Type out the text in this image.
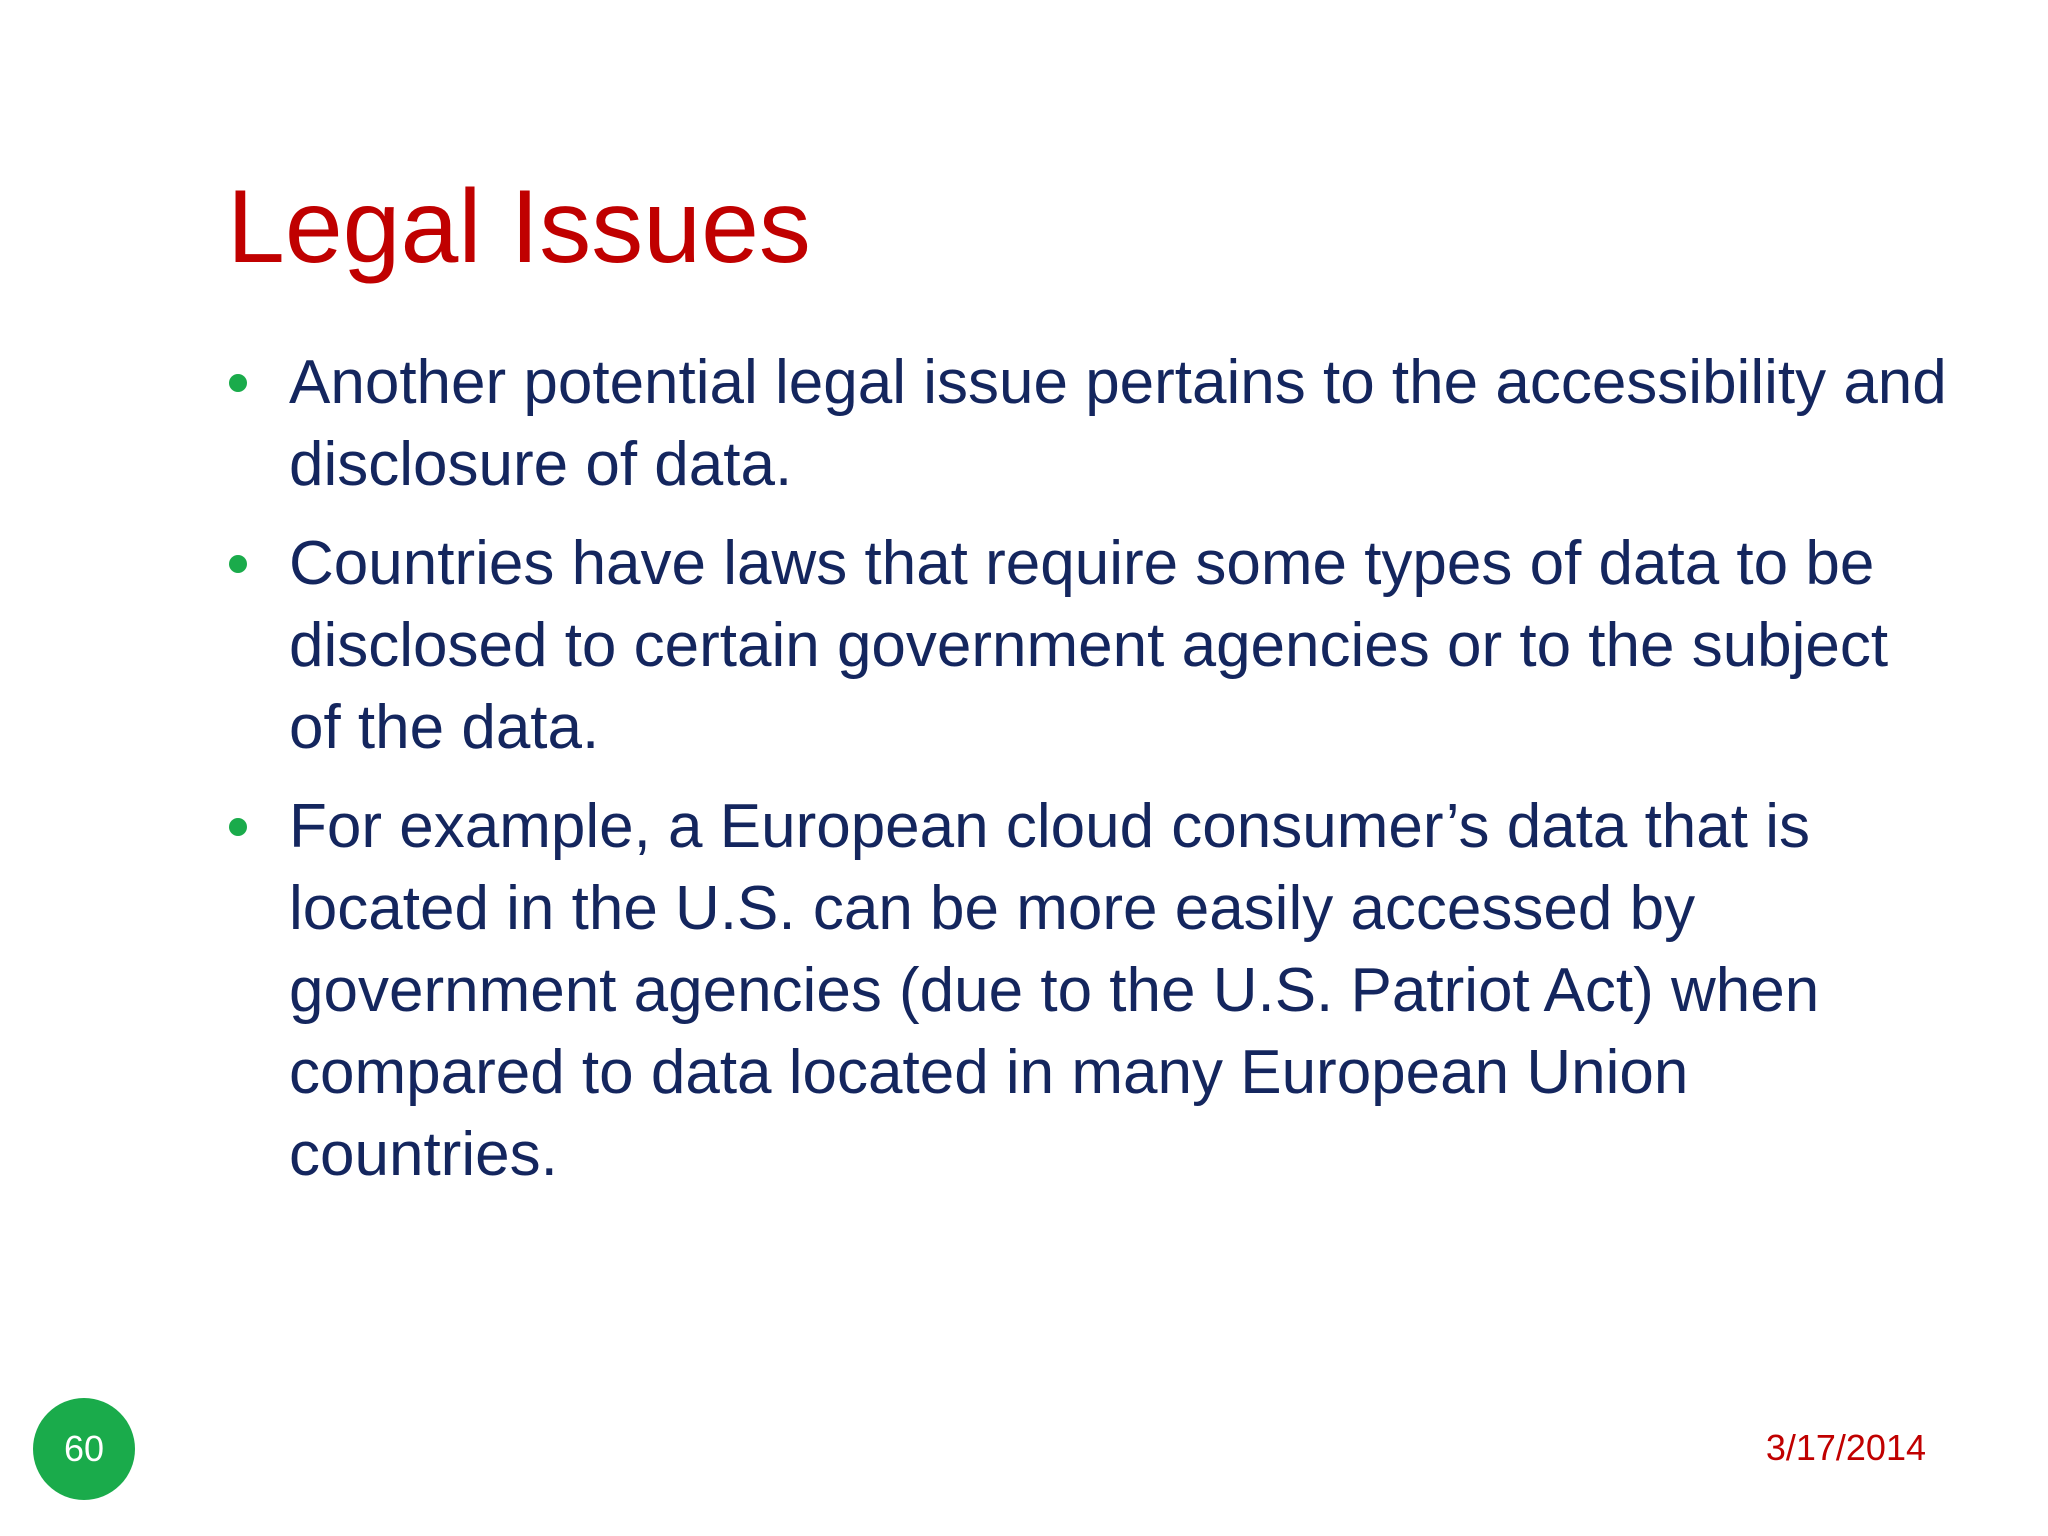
Legal Issues
Another potential legal issue pertains to the accessibility and disclosure of data.
Countries have laws that require some types of data to be disclosed to certain government agencies or to the subject of the data.
For example, a European cloud consumer’s data that is located in the U.S. can be more easily accessed by government agencies (due to the U.S. Patriot Act) when compared to data located in many European Union countries.
60	3/17/2014
